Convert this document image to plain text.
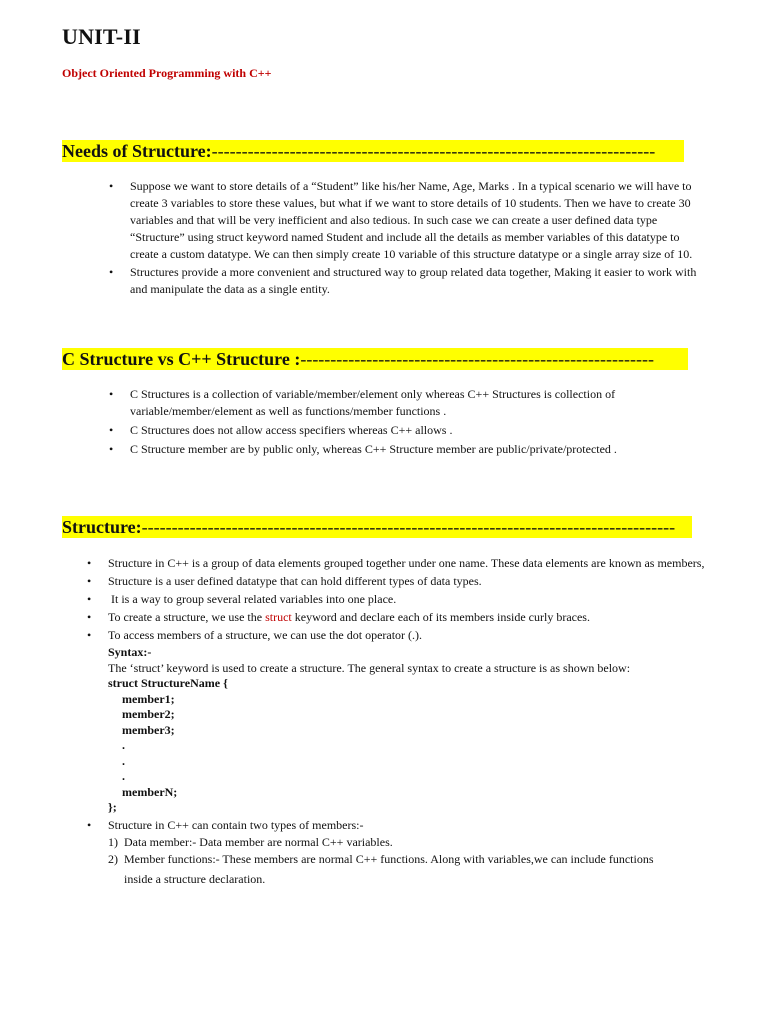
UNIT-II
Object Oriented Programming with C++
Needs of Structure:--------------------------------------------------------------------------
• Suppose we want to store details of a “Student” like his/her Name, Age, Marks . In a typical scenario we will have to create 3 variables to store these values, but what if we want to store details of 10 students. Then we have to create 30 variables and that will be very inefficient and also tedious. In such case we can create a user defined data type “Structure” using struct keyword named Student and include all the details as member variables of this datatype to create a custom datatype. We can then simply create 10 variable of this structure datatype or a single array size of 10.
• Structures provide a more convenient and structured way to group related data together, Making it easier to work with and manipulate the data as a single entity.
C Structure vs C++ Structure :-----------------------------------------------------------
• C Structures is a collection of variable/member/element only whereas C++ Structures is collection of variable/member/element as well as functions/member functions .
• C Structures does not allow access specifiers whereas C++ allows .
• C Structure member are by public only, whereas C++ Structure member are public/private/protected .
Structure:-----------------------------------------------------------------------------------------
• Structure in C++ is a group of data elements grouped together under one name. These data elements are known as members,
• Structure is a user defined datatype that can hold different types of data types.
• It is a way to group several related variables into one place.
• To create a structure, we use the struct keyword and declare each of its members inside curly braces.
• To access members of a structure, we can use the dot operator (.).
Syntax:-
The ‘struct’ keyword is used to create a structure. The general syntax to create a structure is as shown below:
struct StructureName {
member1;
member2;
member3;
.
.
.
memberN;
};
• Structure in C++ can contain two types of members:-
1) Data member:- Data member are normal C++ variables.
2) Member functions:- These members are normal C++ functions. Along with variables,we can include functions
inside a structure declaration.
